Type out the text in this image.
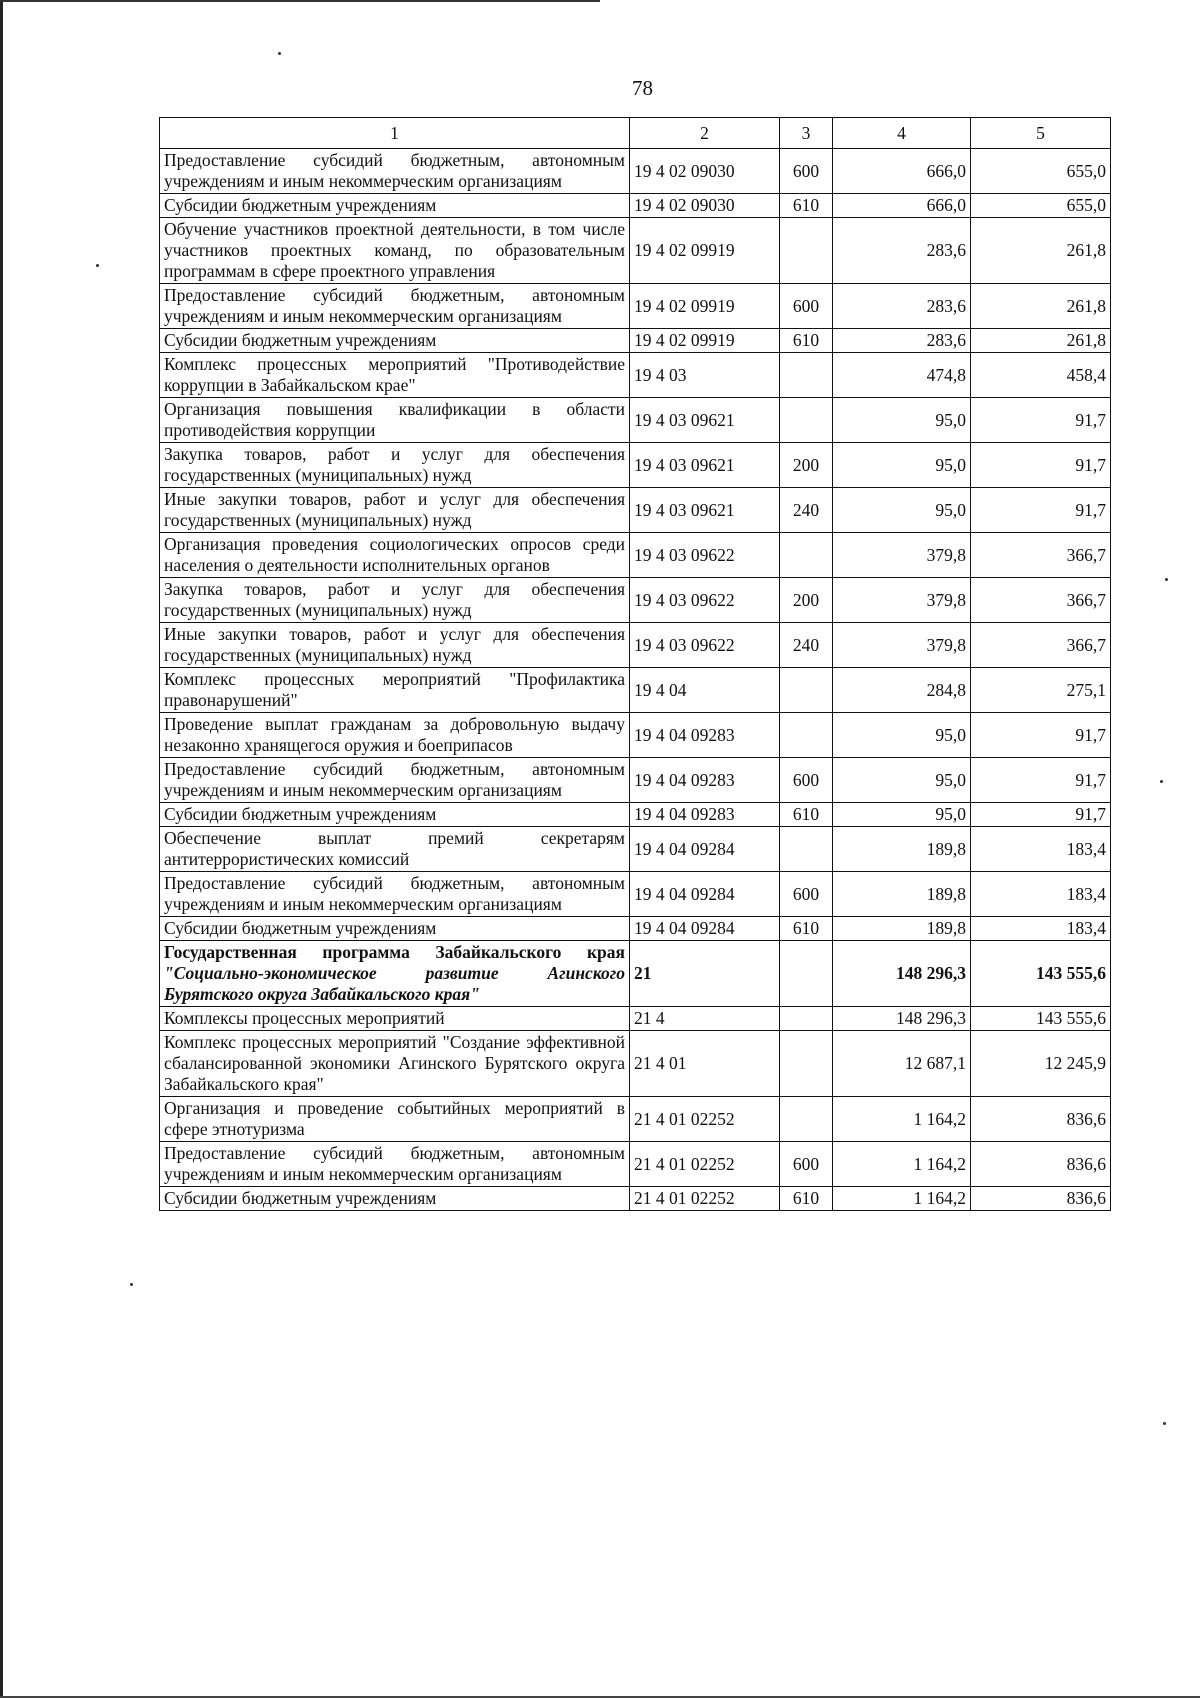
78
1	2	3	4	5
Предоставление субсидий бюджетным, автономным учреждениям и иным некоммерческим организациям	19 4 02 09030	600	666,0	655,0
Субсидии бюджетным учреждениям	19 4 02 09030	610	666,0	655,0
Обучение участников проектной деятельности, в том числе участников проектных команд, по образовательным программам в сфере проектного управления	19 4 02 09919		283,6	261,8
Предоставление субсидий бюджетным, автономным учреждениям и иным некоммерческим организациям	19 4 02 09919	600	283,6	261,8
Субсидии бюджетным учреждениям	19 4 02 09919	610	283,6	261,8
Комплекс процессных мероприятий "Противодействие коррупции в Забайкальском крае"	19 4 03		474,8	458,4
Организация повышения квалификации в области противодействия коррупции	19 4 03 09621		95,0	91,7
Закупка товаров, работ и услуг для обеспечения государственных (муниципальных) нужд	19 4 03 09621	200	95,0	91,7
Иные закупки товаров, работ и услуг для обеспечения государственных (муниципальных) нужд	19 4 03 09621	240	95,0	91,7
Организация проведения социологических опросов среди населения о деятельности исполнительных органов	19 4 03 09622		379,8	366,7
Закупка товаров, работ и услуг для обеспечения государственных (муниципальных) нужд	19 4 03 09622	200	379,8	366,7
Иные закупки товаров, работ и услуг для обеспечения государственных (муниципальных) нужд	19 4 03 09622	240	379,8	366,7
Комплекс процессных мероприятий "Профилактика правонарушений"	19 4 04		284,8	275,1
Проведение выплат гражданам за добровольную выдачу незаконно хранящегося оружия и боеприпасов	19 4 04 09283		95,0	91,7
Предоставление субсидий бюджетным, автономным учреждениям и иным некоммерческим организациям	19 4 04 09283	600	95,0	91,7
Субсидии бюджетным учреждениям	19 4 04 09283	610	95,0	91,7
Обеспечение выплат премий секретарям антитеррористических комиссий	19 4 04 09284		189,8	183,4
Предоставление субсидий бюджетным, автономным учреждениям и иным некоммерческим организациям	19 4 04 09284	600	189,8	183,4
Субсидии бюджетным учреждениям	19 4 04 09284	610	189,8	183,4
Государственная программа Забайкальского края "Социально-экономическое развитие Агинского Бурятского округа Забайкальского края"	21		148 296,3	143 555,6
Комплексы процессных мероприятий	21 4		148 296,3	143 555,6
Комплекс процессных мероприятий "Создание эффективной сбалансированной экономики Агинского Бурятского округа Забайкальского края"	21 4 01		12 687,1	12 245,9
Организация и проведение событийных мероприятий в сфере этнотуризма	21 4 01 02252		1 164,2	836,6
Предоставление субсидий бюджетным, автономным учреждениям и иным некоммерческим организациям	21 4 01 02252	600	1 164,2	836,6
Субсидии бюджетным учреждениям	21 4 01 02252	610	1 164,2	836,6
